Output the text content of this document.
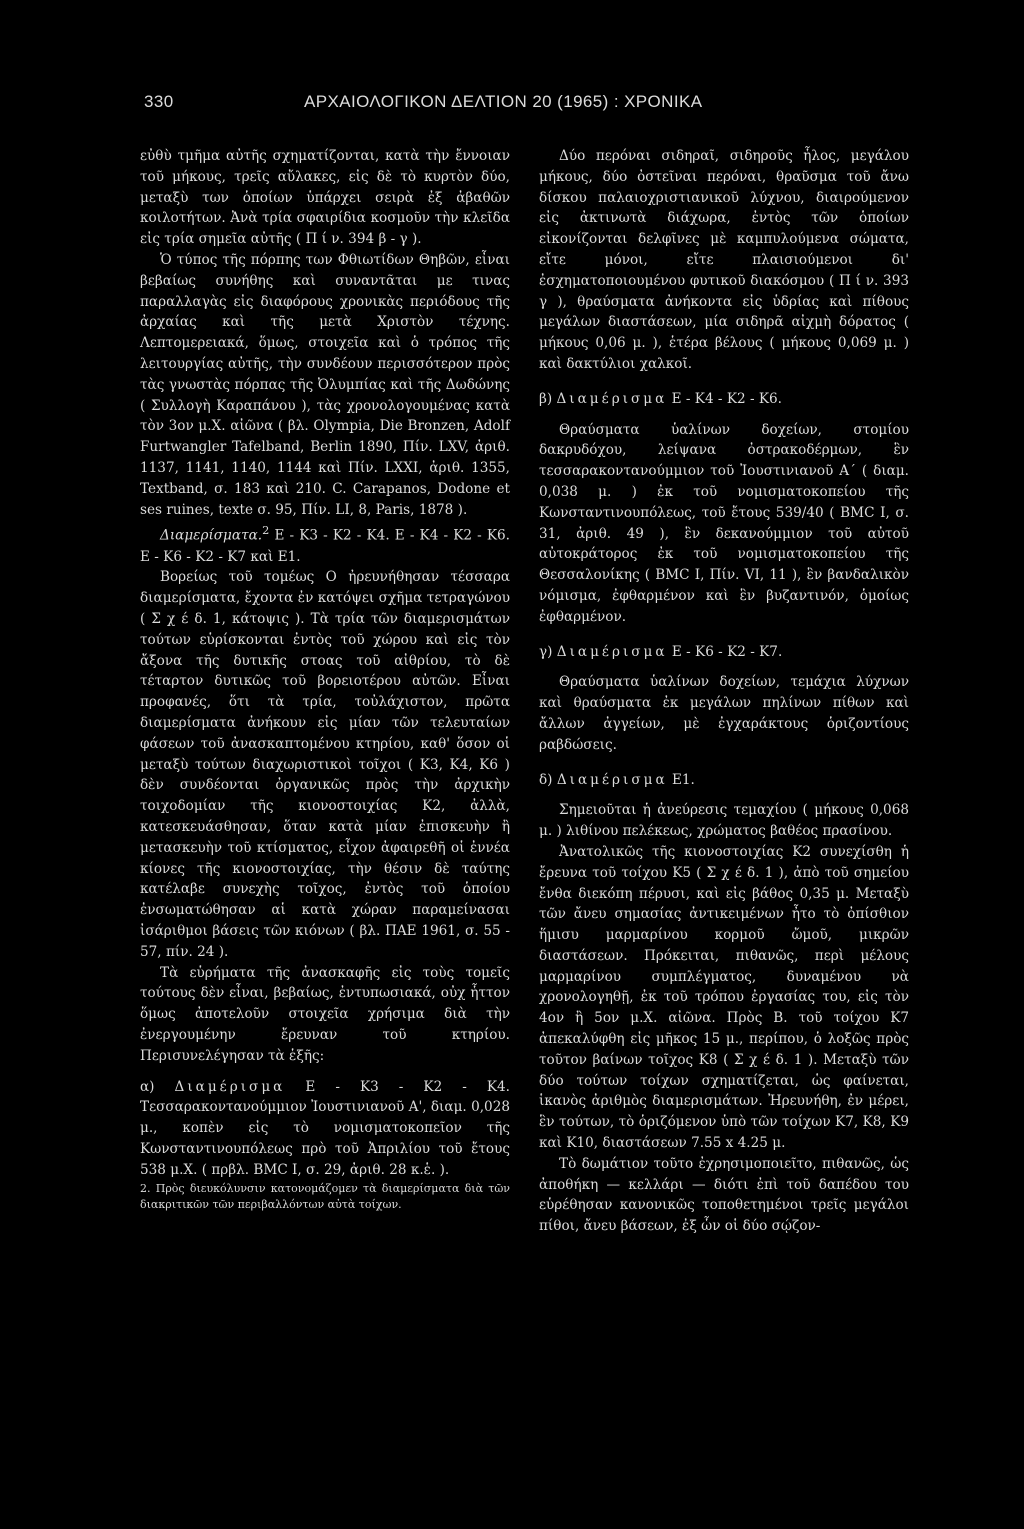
330	ΑΡΧΑΙΟΛΟΓΙΚΟΝ ΔΕΛΤΙΟΝ 20 (1965) : ΧΡΟΝΙΚΑ

εὐθὺ τμῆμα αὐτῆς σχηματίζονται, κατὰ τὴν ἔννοιαν τοῦ μήκους, τρεῖς αὔλακες, εἰς δὲ τὸ κυρτὸν δύο, μεταξὺ των ὁποίων ὑπάρχει σειρὰ ἐξ ἀβαθῶν κοιλοτήτων. Ἀνὰ τρία σφαιρίδια κοσμοῦν τὴν κλεῖδα εἰς τρία σημεῖα αὐτῆς ( Π ί ν. 394 β - γ ).

Ὁ τύπος τῆς πόρπης των Φθιωτίδων Θηβῶν, εἶναι βεβαίως συνήθης καὶ συναντᾶται με τινας παραλλαγὰς εἰς διαφόρους χρονικὰς περιόδους τῆς ἀρχαίας καὶ τῆς μετὰ Χριστὸν τέχνης. Λεπτομερειακά, ὅμως, στοιχεῖα καὶ ὁ τρόπος τῆς λειτουργίας αὐτῆς, τὴν συνδέουν περισσότερον πρὸς τὰς γνωστὰς πόρπας τῆς Ὀλυμπίας καὶ τῆς Δωδώνης ( Συλλογὴ Καραπάνου ), τὰς χρονολογουμένας κατὰ τὸν 3ον μ.Χ. αἰῶνα ( βλ. Olympia, Die Bronzen, Adolf Furtwangler Tafelband, Berlin 1890, Πίν. LXV, ἀριθ. 1137, 1141, 1140, 1144 καὶ Πίν. LXXI, ἀριθ. 1355, Textband, σ. 183 καὶ 210. C. Carapanos, Dodone et ses ruines, texte σ. 95, Πίν. LI, 8, Paris, 1878 ).

Διαμερίσματα.$^2$ Ε - Κ3 - Κ2 - Κ4. Ε - Κ4 - Κ2 - Κ6. Ε - Κ6 - Κ2 - Κ7 καὶ Ε1.

Βορείως τοῦ τομέως Ο ἠρευνήθησαν τέσσαρα διαμερίσματα, ἔχοντα ἐν κατόψει σχῆμα τετραγώνου ( Σ χ έ δ. 1, κάτοψις ). Τὰ τρία τῶν διαμερισμάτων τούτων εὑρίσκονται ἐντὸς τοῦ χώρου καὶ εἰς τὸν ἄξονα τῆς δυτικῆς στοας τοῦ αἰθρίου, τὸ δὲ τέταρτον δυτικῶς τοῦ βορειοτέρου αὐτῶν. Εἶναι προφανές, ὅτι τὰ τρία, τοὐλάχιστον, πρῶτα διαμερίσματα ἀνήκουν εἰς μίαν τῶν τελευταίων φάσεων τοῦ ἀνασκαπτομένου κτηρίου, καθ' ὅσον οἱ μεταξὺ τούτων διαχωριστικοὶ τοῖχοι ( Κ3, Κ4, Κ6 ) δὲν συνδέονται ὀργανικῶς πρὸς τὴν ἀρχικὴν τοιχοδομίαν τῆς κιονοστοιχίας Κ2, ἀλλὰ, κατεσκευάσθησαν, ὅταν κατὰ μίαν ἐπισκευὴν ἢ μετασκευὴν τοῦ κτίσματος, εἶχον ἀφαιρεθῆ οἱ ἐννέα κίονες τῆς κιονοστοιχίας, τὴν θέσιν δὲ ταύτης κατέλαβε συνεχὴς τοῖχος, ἐντὸς τοῦ ὁποίου ἐνσωματώθησαν αἱ κατὰ χώραν παραμείνασαι ἰσάριθμοι βάσεις τῶν κιόνων ( βλ. ΠΑΕ 1961, σ. 55 - 57, πίν. 24 ).

Τὰ εὑρήματα τῆς ἀνασκαφῆς εἰς τοὺς τομεῖς τούτους δὲν εἶναι, βεβαίως, ἐντυπωσιακά, οὐχ ἧττον ὅμως ἀποτελοῦν στοιχεῖα χρήσιμα διὰ τὴν ἐνεργουμένην ἔρευναν τοῦ κτηρίου. Περισυνελέγησαν τὰ ἑξῆς:

α) Διαμέρισμα Ε - Κ3 - Κ2 - Κ4. Τεσσαρακοντανούμμιον Ἰουστινιανοῦ Α', διαμ. 0,028 μ., κοπὲν εἰς τὸ νομισματοκοπεῖον τῆς Κωνσταντινουπόλεως πρὸ τοῦ Ἀπριλίου τοῦ ἔτους 538 μ.Χ. ( πρβλ. BMC I, σ. 29, ἀριθ. 28 κ.ἑ. ).

2. Πρὸς διευκόλυνσιν κατονομάζομεν τὰ διαμερίσματα διὰ τῶν διακριτικῶν τῶν περιβαλλόντων αὐτὰ τοίχων.

Δύο περόναι σιδηραῖ, σιδηροῦς ἧλος, μεγάλου μήκους, δύο ὀστεῖναι περόναι, θραῦσμα τοῦ ἄνω δίσκου παλαιοχριστιανικοῦ λύχνου, διαιρούμενον εἰς ἀκτινωτὰ διάχωρα, ἐντὸς τῶν ὁποίων εἰκονίζονται δελφῖνες μὲ καμπυλούμενα σώματα, εἴτε μόνοι, εἴτε πλαισιούμενοι δι' ἐσχηματοποιουμένου φυτικοῦ διακόσμου ( Π ί ν. 393 γ ), θραύσματα ἀνήκοντα εἰς ὑδρίας καὶ πίθους μεγάλων διαστάσεων, μία σιδηρᾶ αἰχμὴ δόρατος ( μήκους 0,06 μ. ), ἑτέρα βέλους ( μήκους 0,069 μ. ) καὶ δακτύλιοι χαλκοῖ.

β) Διαμέρισμα Ε - Κ4 - Κ2 - Κ6.

Θραύσματα ὑαλίνων δοχείων, στομίου δακρυδόχου, λείψανα ὀστρακοδέρμων, ἓν τεσσαρακοντανούμμιον τοῦ Ἰουστινιανοῦ Α΄ ( διαμ. 0,038 μ. ) ἐκ τοῦ νομισματοκοπείου τῆς Κωνσταντινουπόλεως, τοῦ ἔτους 539/40 ( BMC I, σ. 31, ἀριθ. 49 ), ἓν δεκανούμμιον τοῦ αὐτοῦ αὐτοκράτορος ἐκ τοῦ νομισματοκοπείου τῆς Θεσσαλονίκης ( BMC I, Πίν. VI, 11 ), ἓν βανδαλικὸν νόμισμα, ἐφθαρμένον καὶ ἓν βυζαντινόν, ὁμοίως ἐφθαρμένον.

γ) Διαμέρισμα Ε - Κ6 - Κ2 - Κ7.

Θραύσματα ὑαλίνων δοχείων, τεμάχια λύχνων καὶ θραύσματα ἐκ μεγάλων πηλίνων πίθων καὶ ἄλλων ἀγγείων, μὲ ἐγχαράκτους ὁριζοντίους ραβδώσεις.

δ) Διαμέρισμα Ε1.

Σημειοῦται ἡ ἀνεύρεσις τεμαχίου ( μήκους 0,068 μ. ) λιθίνου πελέκεως, χρώματος βαθέος πρασίνου.

Ἀνατολικῶς τῆς κιονοστοιχίας Κ2 συνεχίσθη ἡ ἔρευνα τοῦ τοίχου Κ5 ( Σ χ έ δ. 1 ), ἀπὸ τοῦ σημείου ἔνθα διεκόπη πέρυσι, καὶ εἰς βάθος 0,35 μ. Μεταξὺ τῶν ἄνευ σημασίας ἀντικειμένων ἦτο τὸ ὀπίσθιον ἥμισυ μαρμαρίνου κορμοῦ ὤμοῦ, μικρῶν διαστάσεων. Πρόκειται, πιθανῶς, περὶ μέλους μαρμαρίνου συμπλέγματος, δυναμένου νὰ χρονολογηθῇ, ἐκ τοῦ τρόπου ἐργασίας του, εἰς τὸν 4ον ἢ 5ον μ.Χ. αἰῶνα. Πρὸς Β. τοῦ τοίχου Κ7 ἀπεκαλύφθη εἰς μῆκος 15 μ., περίπου, ὁ λοξῶς πρὸς τοῦτον βαίνων τοῖχος Κ8 ( Σ χ έ δ. 1 ). Μεταξὺ τῶν δύο τούτων τοίχων σχηματίζεται, ὡς φαίνεται, ἱκανὸς ἀριθμὸς διαμερισμάτων. Ἠρευνήθη, ἐν μέρει, ἓν τούτων, τὸ ὁριζόμενον ὑπὸ τῶν τοίχων Κ7, Κ8, Κ9 καὶ Κ10, διαστάσεων 7.55 x 4.25 μ.

Τὸ δωμάτιον τοῦτο ἐχρησιμοποιεῖτο, πιθανῶς, ὡς ἀποθήκη — κελλάρι — διότι ἐπὶ τοῦ δαπέδου του εὑρέθησαν κανονικῶς τοποθετημένοι τρεῖς μεγάλοι πίθοι, ἄνευ βάσεων, ἐξ ὧν οἱ δύο σῴζον-
